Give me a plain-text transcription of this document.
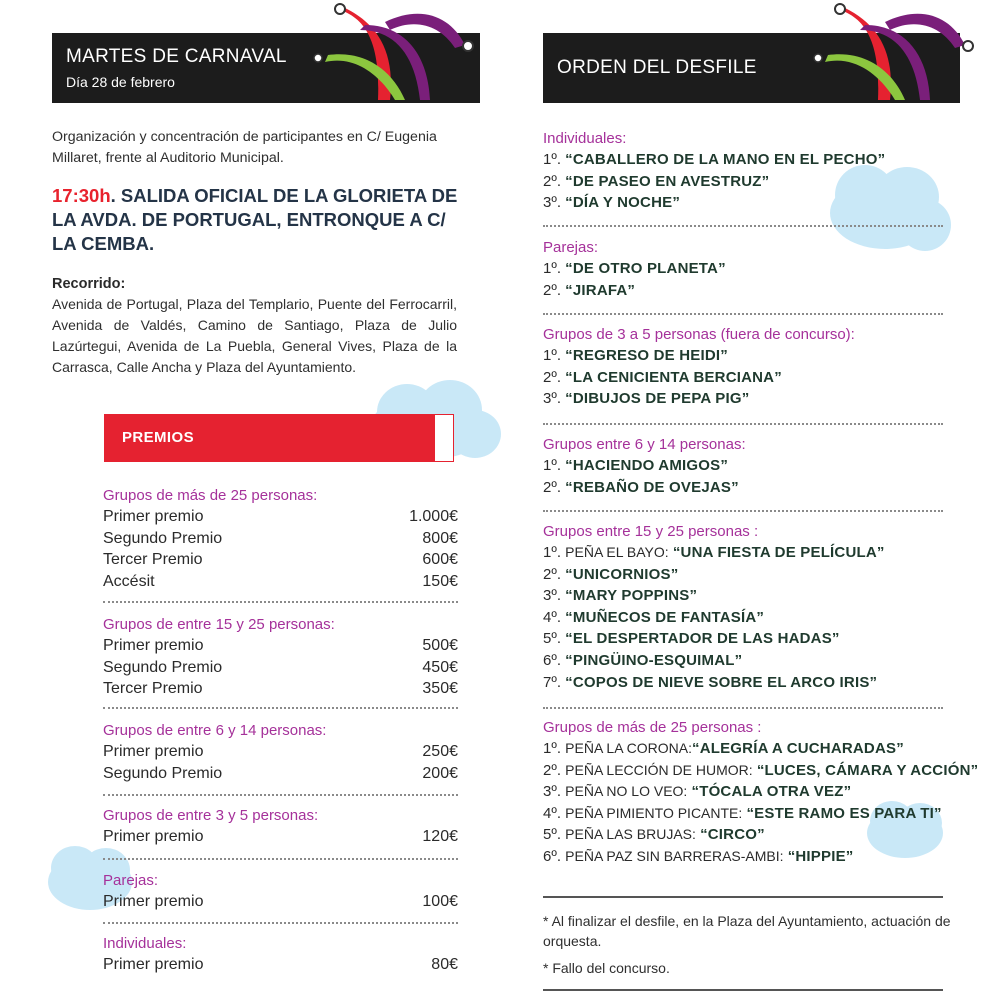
MARTES DE CARNAVAL
Día 28 de febrero
Organización y concentración de participantes en C/ Eugenia Millaret, frente al Auditorio Municipal.
17:30h. SALIDA OFICIAL DE LA GLORIETA DE LA AVDA. DE PORTUGAL, ENTRONQUE A C/ LA CEMBA.
Recorrido:
Avenida de Portugal, Plaza del Templario, Puente del Ferrocarril, Avenida de Valdés, Camino de Santiago, Plaza de Julio Lazúrtegui, Avenida de La Puebla, General Vives, Plaza de la Carrasca, Calle Ancha y Plaza del Ayuntamiento.
PREMIOS
Grupos de más de 25 personas:
Primer premio	1.000€
Segundo Premio	800€
Tercer Premio	600€
Accésit	150€
Grupos de entre 15 y 25 personas:
Primer premio	500€
Segundo Premio	450€
Tercer Premio	350€
Grupos de entre 6 y 14 personas:
Primer premio	250€
Segundo Premio	200€
Grupos de entre 3 y 5 personas:
Primer premio	120€
Parejas:
Primer premio	100€
Individuales:
Primer premio	80€
ORDEN DEL DESFILE
Individuales:
1º. “CABALLERO DE LA MANO EN EL PECHO”
2º. “DE PASEO EN AVESTRUZ”
3º. “DÍA Y NOCHE”
Parejas:
1º. “DE OTRO PLANETA”
2º. “JIRAFA”
Grupos de 3 a 5 personas (fuera de concurso):
1º. “REGRESO DE HEIDI”
2º. “LA CENICIENTA BERCIANA”
3º. “DIBUJOS DE PEPA PIG”
Grupos entre 6 y 14 personas:
1º. “HACIENDO AMIGOS”
2º. “REBAÑO DE OVEJAS”
Grupos entre 15 y 25 personas :
1º. PEÑA EL BAYO: “UNA FIESTA DE PELÍCULA”
2º. “UNICORNIOS”
3º. “MARY POPPINS”
4º. “MUÑECOS DE FANTASÍA”
5º. “EL DESPERTADOR DE LAS HADAS”
6º. “PINGÜINO-ESQUIMAL”
7º. “COPOS DE NIEVE SOBRE EL ARCO IRIS”
Grupos de más de 25 personas :
1º. PEÑA LA CORONA:“ALEGRÍA A CUCHARADAS”
2º. PEÑA LECCIÓN DE HUMOR: “LUCES, CÁMARA Y ACCIÓN”
3º. PEÑA NO LO VEO: “TÓCALA OTRA VEZ”
4º. PEÑA PIMIENTO PICANTE: “ESTE RAMO ES PARA TI”
5º. PEÑA LAS BRUJAS: “CIRCO”
6º. PEÑA PAZ SIN BARRERAS-AMBI: “HIPPIE”
* Al finalizar el desfile, en la Plaza del Ayuntamiento, actuación de orquesta.
* Fallo del concurso.
